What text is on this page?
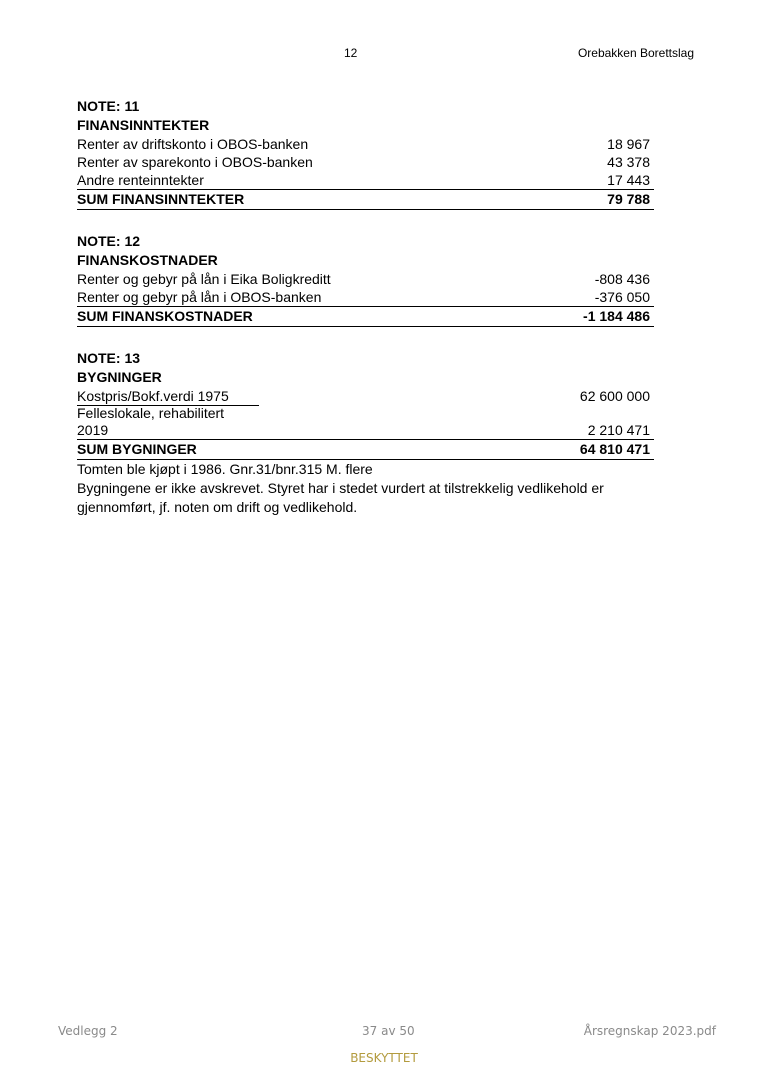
12	Orebakken Borettslag
NOTE: 11
FINANSINNTEKTER
Renter av driftskonto i OBOS-banken	18 967
Renter av sparekonto i OBOS-banken	43 378
Andre renteinntekter	17 443
SUM FINANSINNTEKTER	79 788
NOTE: 12
FINANSKOSTNADER
Renter og gebyr på lån i Eika Boligkreditt	-808 436
Renter og gebyr på lån i OBOS-banken	-376 050
SUM FINANSKOSTNADER	-1 184 486
NOTE: 13
BYGNINGER
Kostpris/Bokf.verdi 1975	62 600 000
Felleslokale, rehabilitert
2019	2 210 471
SUM BYGNINGER	64 810 471
Tomten ble kjøpt i 1986. Gnr.31/bnr.315 M. flere
Bygningene er ikke avskrevet. Styret har i stedet vurdert at tilstrekkelig vedlikehold er
gjennomført, jf. noten om drift og vedlikehold.
Vedlegg 2	37 av 50	Årsregnskap 2023.pdf
BESKYTTET
